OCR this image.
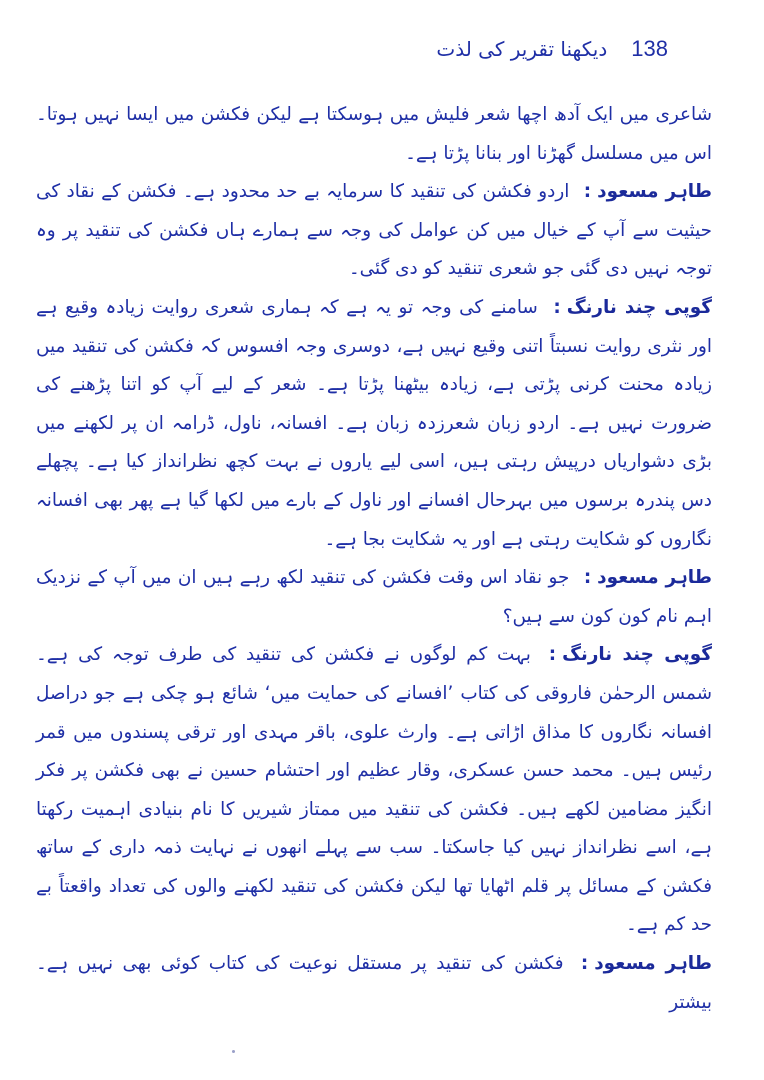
138
دیکھنا تقریر کی لذت

شاعری میں ایک آدھ اچھا شعر فلیش میں ہوسکتا ہے لیکن فکشن میں ایسا نہیں ہوتا۔ اس میں مسلسل گھڑنا اور بنانا پڑتا ہے۔

طاہر مسعود: اردو فکشن کی تنقید کا سرمایہ بے حد محدود ہے۔ فکشن کے نقاد کی حیثیت سے آپ کے خیال میں کن عوامل کی وجہ سے ہمارے ہاں فکشن کی تنقید پر وہ توجہ نہیں دی گئی جو شعری تنقید کو دی گئی۔

گوپی چند نارنگ: سامنے کی وجہ تو یہ ہے کہ ہماری شعری روایت زیادہ وقیع ہے اور نثری روایت نسبتاً اتنی وقیع نہیں ہے، دوسری وجہ افسوس کہ فکشن کی تنقید میں زیادہ محنت کرنی پڑتی ہے، زیادہ بیٹھنا پڑتا ہے۔ شعر کے لیے آپ کو اتنا پڑھنے کی ضرورت نہیں ہے۔ اردو زبان شعرزدہ زبان ہے۔ افسانہ، ناول، ڈرامہ ان پر لکھنے میں بڑی دشواریاں درپیش رہتی ہیں، اسی لیے یاروں نے بہت کچھ نظرانداز کیا ہے۔ پچھلے دس پندرہ برسوں میں بہرحال افسانے اور ناول کے بارے میں لکھا گیا ہے پھر بھی افسانہ نگاروں کو شکایت رہتی ہے اور یہ شکایت بجا ہے۔

طاہر مسعود: جو نقاد اس وقت فکشن کی تنقید لکھ رہے ہیں ان میں آپ کے نزدیک اہم نام کون کون سے ہیں؟

گوپی چند نارنگ: بہت کم لوگوں نے فکشن کی تنقید کی طرف توجہ کی ہے۔ شمس الرحمٰن فاروقی کی کتاب ’افسانے کی حمایت میں‘ شائع ہو چکی ہے جو دراصل افسانہ نگاروں کا مذاق اڑاتی ہے۔ وارث علوی، باقر مہدی اور ترقی پسندوں میں قمر رئیس ہیں۔ محمد حسن عسکری، وقار عظیم اور احتشام حسین نے بھی فکشن پر فکر انگیز مضامین لکھے ہیں۔ فکشن کی تنقید میں ممتاز شیریں کا نام بنیادی اہمیت رکھتا ہے، اسے نظرانداز نہیں کیا جاسکتا۔ سب سے پہلے انھوں نے نہایت ذمہ داری کے ساتھ فکشن کے مسائل پر قلم اٹھایا تھا لیکن فکشن کی تنقید لکھنے والوں کی تعداد واقعتاً بے حد کم ہے۔

طاہر مسعود: فکشن کی تنقید پر مستقل نوعیت کی کتاب کوئی بھی نہیں ہے۔ بیشتر
